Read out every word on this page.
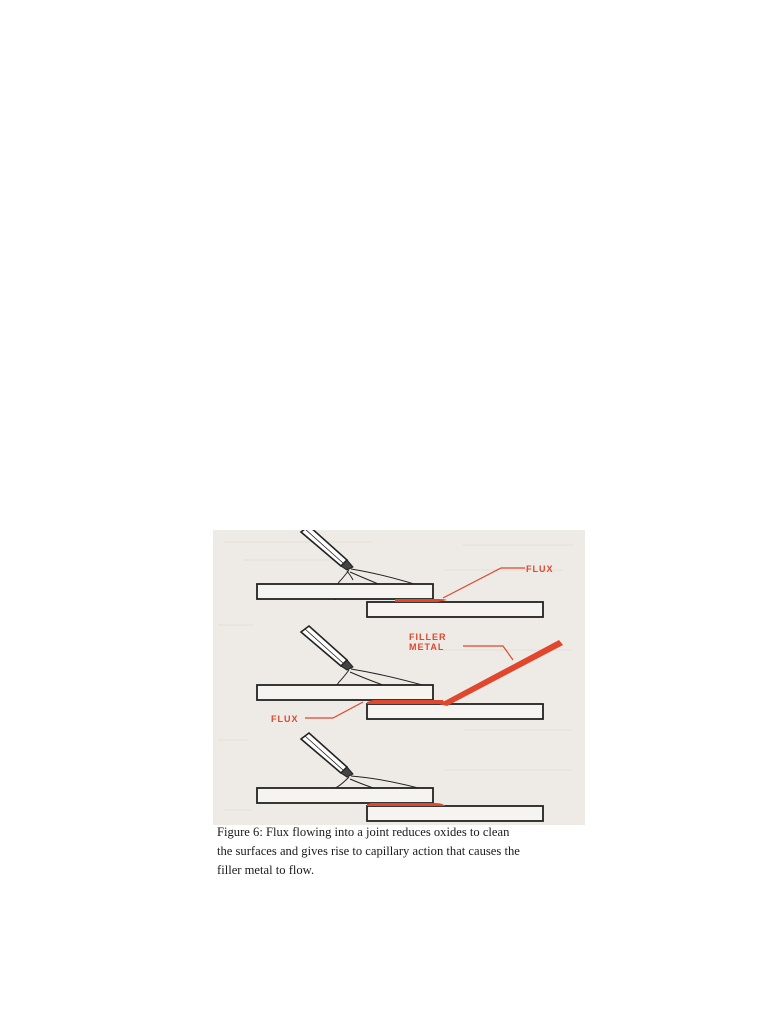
FLUX
FILLER
METAL
FLUX
Figure 6: Flux flowing into a joint reduces oxides to clean
the surfaces and gives rise to capillary action that causes the
filler metal to flow.
